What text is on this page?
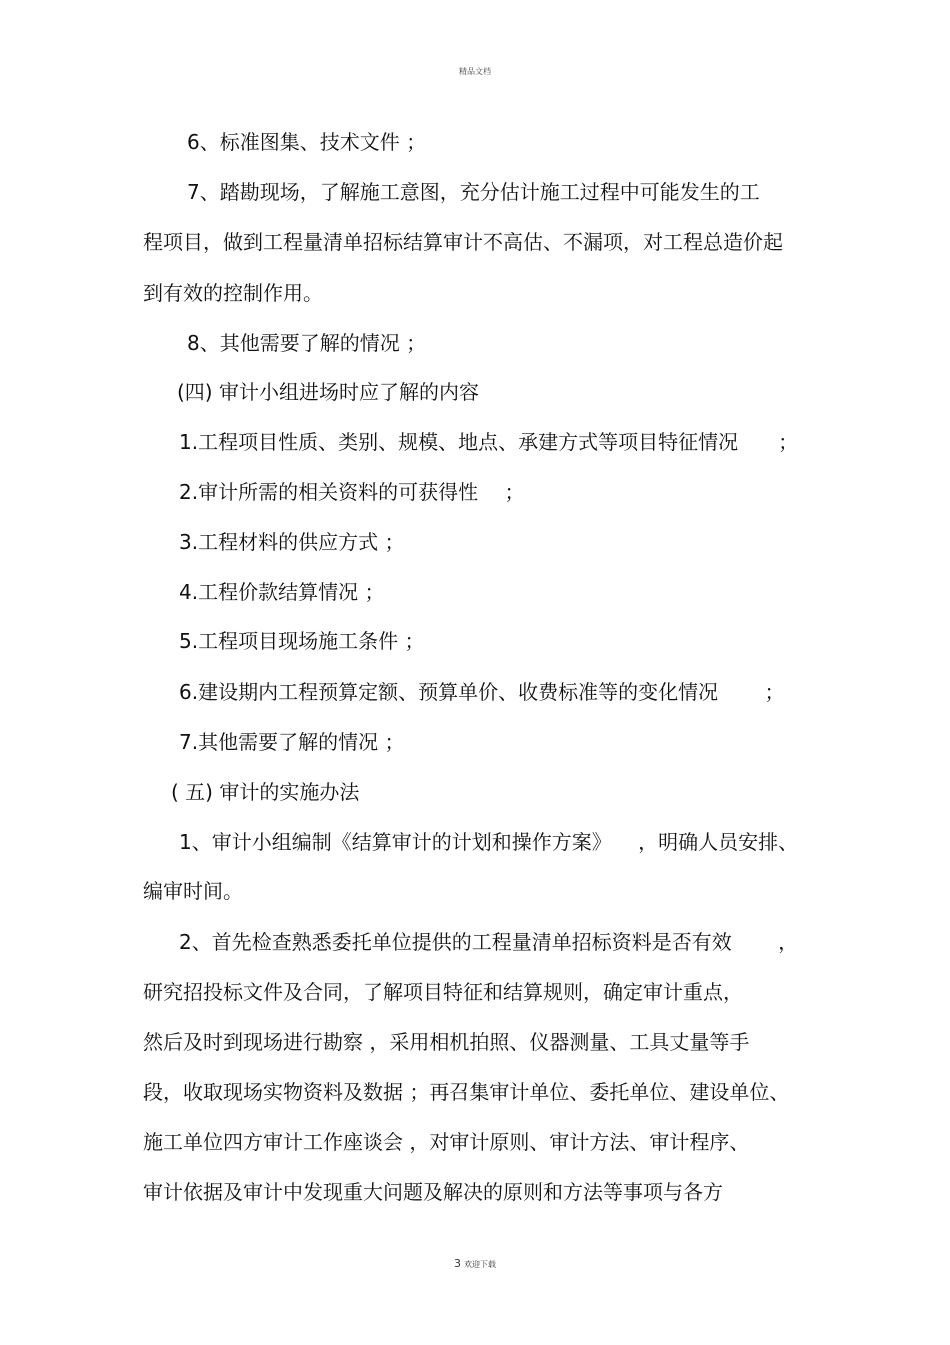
精品文档
6、标准图集、技术文件 ；
7、踏勘现场，了解施工意图，充分估计施工过程中可能发生的工
程项目，做到工程量清单招标结算审计不高估、不漏项，对工程总造价起
到有效的控制作用。
8、其他需要了解的情况 ；
(四) 审计小组进场时应了解的内容
1.工程项目性质、类别、规模、地点、承建方式等项目特征情况　　；
2.审计所需的相关资料的可获得性 　；
3.工程材料的供应方式 ；
4.工程价款结算情况 ；
5.工程项目现场施工条件 ；
6.建设期内工程预算定额、预算单价、收费标准等的变化情况 　　；
7.其他需要了解的情况 ；
( 五) 审计的实施办法
1、审计小组编制《结算审计的计划和操作方案》 　，明确人员安排、
编审时间。
2、首先检查熟悉委托单位提供的工程量清单招标资料是否有效 　　，
研究招投标文件及合同，了解项目特征和结算规则，确定审计重点，
然后及时到现场进行勘察 ，采用相机拍照、仪器测量、工具丈量等手
段，收取现场实物资料及数据 ；再召集审计单位、委托单位、建设单位、
施工单位四方审计工作座谈会 ，对审计原则、审计方法、审计程序、
审计依据及审计中发现重大问题及解决的原则和方法等事项与各方
3 欢迎下载
